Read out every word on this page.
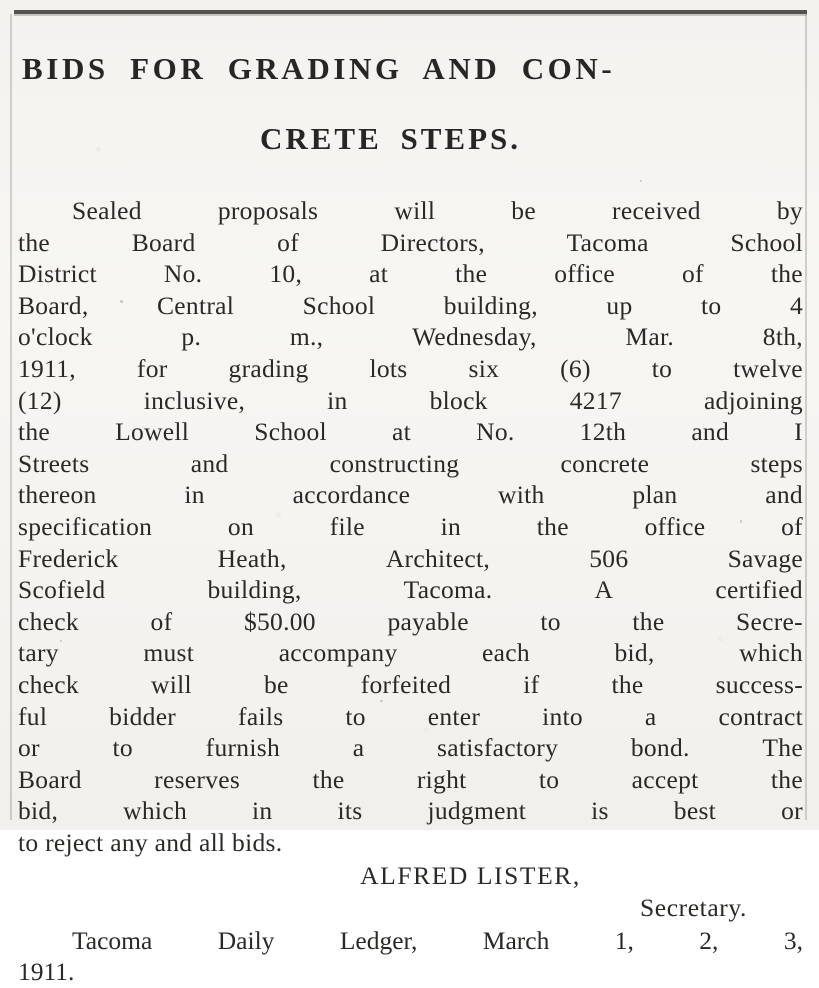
BIDS FOR GRADING AND CON-

CRETE STEPS.

Sealed	proposals	will	be	received	by
the	Board	of	Directors,	Tacoma	School
District	No.	10,	at	the	office	of	the
Board,	Central	School	building,	up	to	4
o'clock	p.	m.,	Wednesday,	Mar.	8th,
1911, for grading lots six (6) to twelve
(12)	inclusive,	in	block	4217	adjoining
the	Lowell	School	at	No.	12th	and	I
Streets	and	constructing	concrete	steps
thereon	in	accordance	with	plan	and
specification	on	file	in	the	office	of
Frederick	Heath,	Architect,	506	Savage
Scofield	building,	Tacoma.	A	certified
check	of	$50.00	payable	to	the	Secre-
tary	must	accompany	each	bid,	which
check	will	be	forfeited	if	the	success-
ful bidder fails to enter into a contract
or	to	furnish	a	satisfactory	bond.	The
Board	reserves	the	right	to	accept	the
bid,	which	in	its	judgment	is	best	or
to reject any and all bids.
ALFRED LISTER,
Secretary.
Tacoma	Daily	Ledger,	March	1,	2,	3,
1911.
